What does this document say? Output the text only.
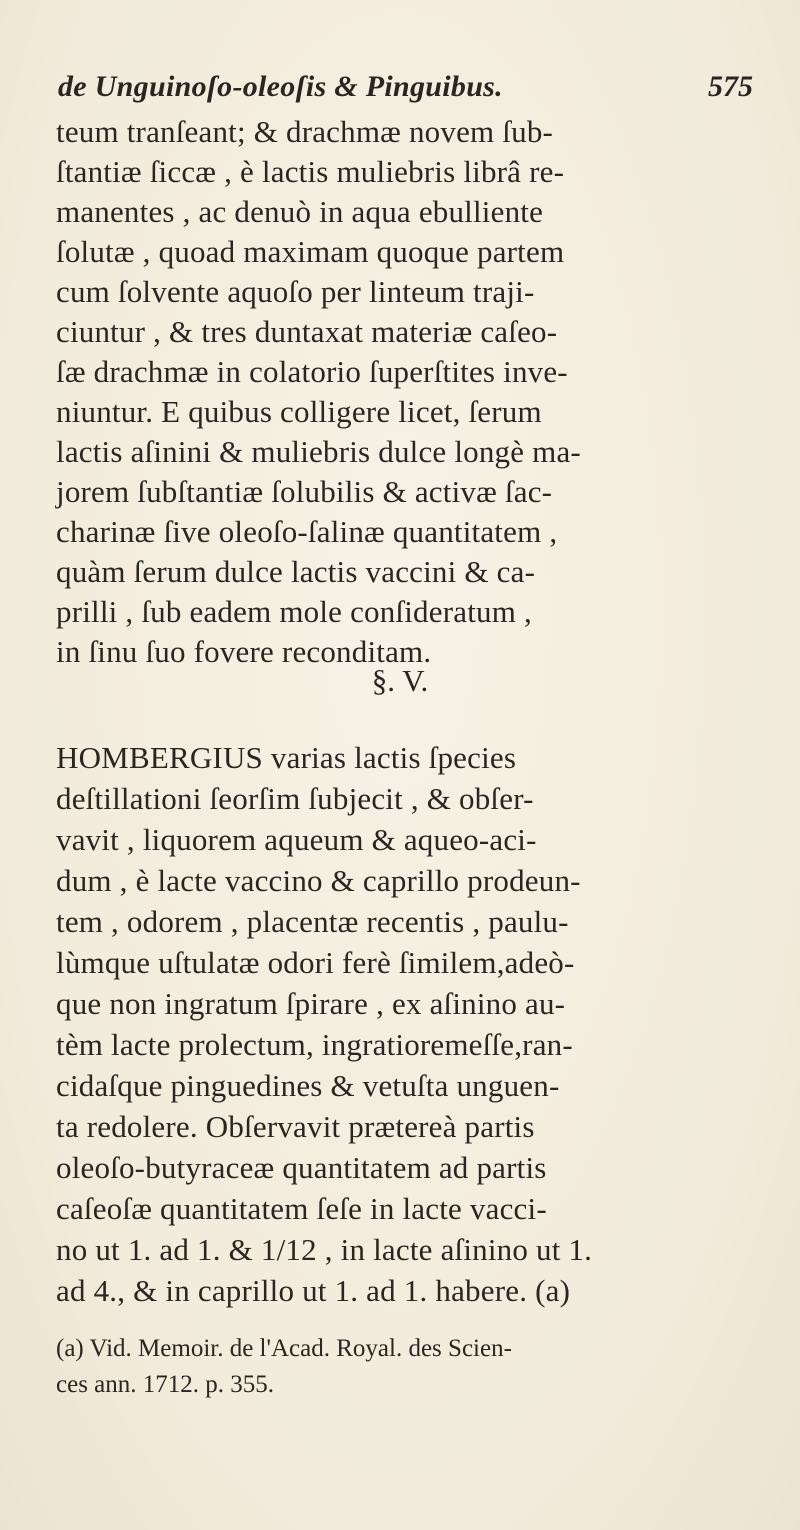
de Unguinoſo-oleoſis & Pinguibus.	575
teum tranſeant; & drachmæ novem ſub-
ſtantiæ ſiccæ , è lactis muliebris librâ re-
manentes , ac denuò in aqua ebulliente
ſolutæ , quoad maximam quoque partem
cum ſolvente aquoſo per linteum traji-
ciuntur , & tres duntaxat materiæ caſeo-
ſæ drachmæ in colatorio ſuperſtites inve-
niuntur. E quibus colligere licet, ſerum
lactis aſinini & muliebris dulce longè ma-
jorem ſubſtantiæ ſolubilis & activæ ſac-
charinæ ſive oleoſo-ſalinæ quantitatem ,
quàm ſerum dulce lactis vaccini & ca-
prilli , ſub eadem mole conſideratum ,
in ſinu ſuo fovere reconditam.
§. V.
HOMBERGIUS varias lactis ſpecies
deſtillationi ſeorſim ſubjecit , & obſer-
vavit , liquorem aqueum & aqueo-aci-
dum , è lacte vaccino & caprillo prodeun-
tem , odorem , placentæ recentis , paulu-
lùmque uſtulatæ odori ferè ſimilem,adeò-
que non ingratum ſpirare , ex aſinino au-
tèm lacte prolectum, ingratioremeſſe,ran-
cidaſque pinguedines & vetuſta unguen-
ta redolere. Obſervavit prætereà partis
oleoſo-butyraceæ quantitatem ad partis
caſeoſæ quantitatem ſeſe in lacte vacci-
no ut 1. ad 1. & 1/12 , in lacte aſinino ut 1.
ad 4., & in caprillo ut 1. ad 1. habere. (a)
(a) Vid. Memoir. de l'Acad. Royal. des Scien-
ces ann. 1712. p. 355.
